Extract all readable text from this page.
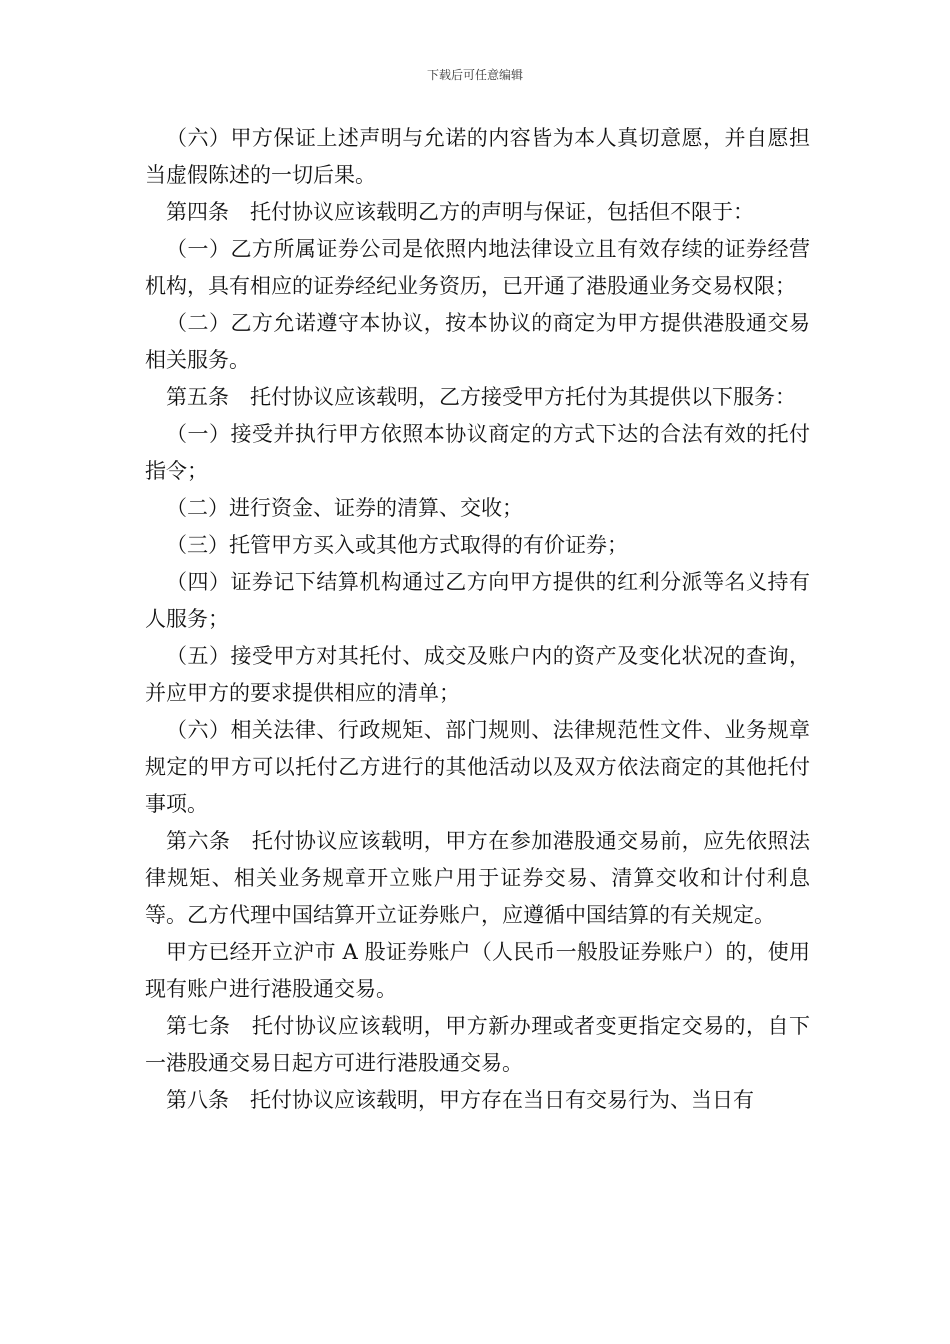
下载后可任意编辑

（六）甲方保证上述声明与允诺的内容皆为本人真切意愿，并自愿担当虚假陈述的一切后果。

第四条　托付协议应该载明乙方的声明与保证，包括但不限于：

（一）乙方所属证券公司是依照内地法律设立且有效存续的证券经营机构，具有相应的证券经纪业务资历，已开通了港股通业务交易权限；

（二）乙方允诺遵守本协议，按本协议的商定为甲方提供港股通交易相关服务。

第五条　托付协议应该载明，乙方接受甲方托付为其提供以下服务：

（一）接受并执行甲方依照本协议商定的方式下达的合法有效的托付指令；

（二）进行资金、证券的清算、交收；

（三）托管甲方买入或其他方式取得的有价证券；

（四）证券记下结算机构通过乙方向甲方提供的红利分派等名义持有人服务；

（五）接受甲方对其托付、成交及账户内的资产及变化状况的查询，并应甲方的要求提供相应的清单；

（六）相关法律、行政规矩、部门规则、法律规范性文件、业务规章规定的甲方可以托付乙方进行的其他活动以及双方依法商定的其他托付事项。

第六条　托付协议应该载明，甲方在参加港股通交易前，应先依照法律规矩、相关业务规章开立账户用于证券交易、清算交收和计付利息等。乙方代理中国结算开立证券账户，应遵循中国结算的有关规定。

甲方已经开立沪市 A 股证券账户（人民币一般股证券账户）的，使用现有账户进行港股通交易。

第七条　托付协议应该载明，甲方新办理或者变更指定交易的，自下一港股通交易日起方可进行港股通交易。

第八条　托付协议应该载明，甲方存在当日有交易行为、当日有
